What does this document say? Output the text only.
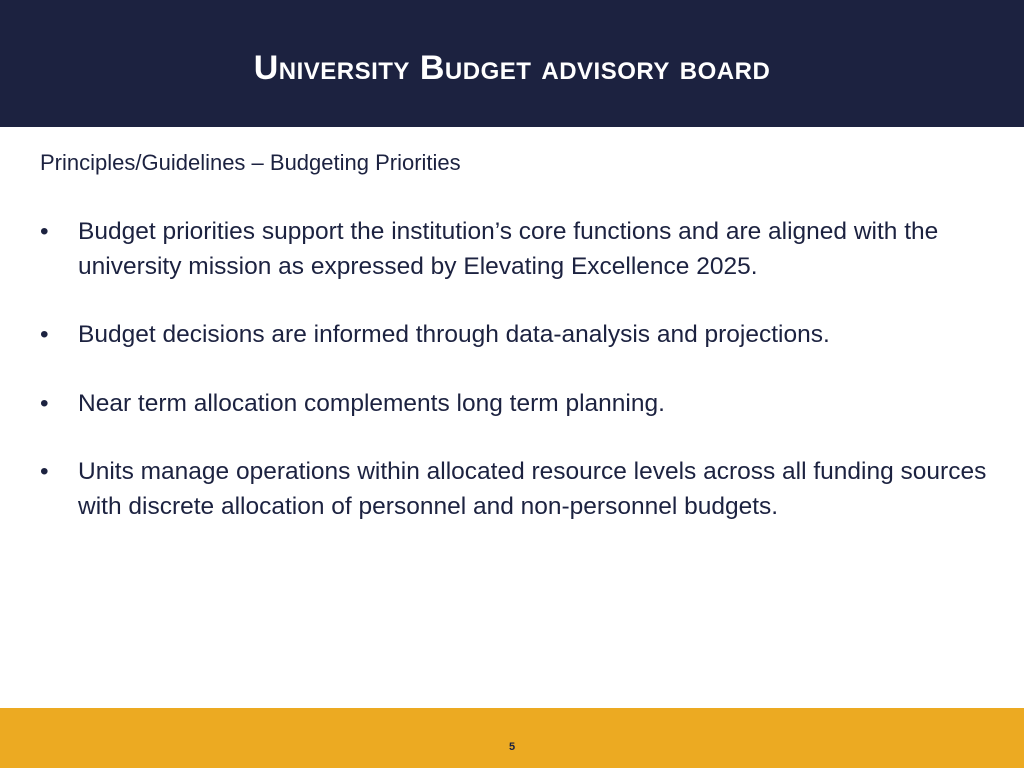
University Budget advisory board

Principles/Guidelines – Budgeting Priorities

•	Budget priorities support the institution’s core functions and are aligned with the university mission as expressed by Elevating Excellence 2025.
•	Budget decisions are informed through data-analysis and projections.
•	Near term allocation complements long term planning.
•	Units manage operations within allocated resource levels across all funding sources with discrete allocation of personnel and non-personnel budgets.
5
